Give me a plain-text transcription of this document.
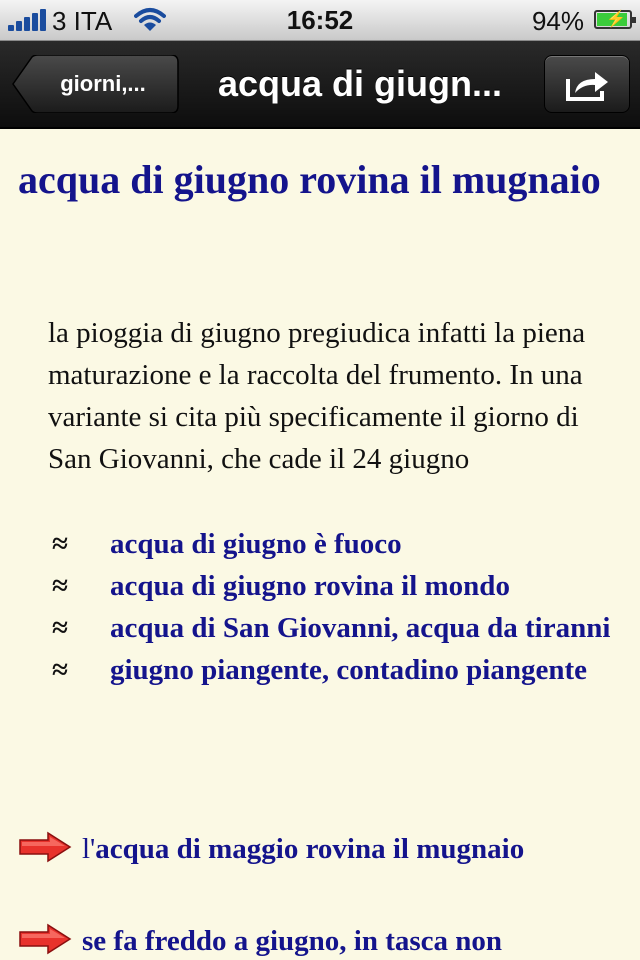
3 ITA	16:52	94% ⚡
giorni,...	acqua di giugn...
acqua di giugno rovina il mugnaio

la pioggia di giugno pregiudica infatti la piena maturazione e la raccolta del frumento. In una variante si cita più specificamente il giorno di San Giovanni, che cade il 24 giugno

≈ acqua di giugno è fuoco
≈ acqua di giugno rovina il mondo
≈ acqua di San Giovanni, acqua da tiranni
≈ giugno piangente, contadino piangente
l'acqua di maggio rovina il mugnaio
se fa freddo a giugno, in tasca non
